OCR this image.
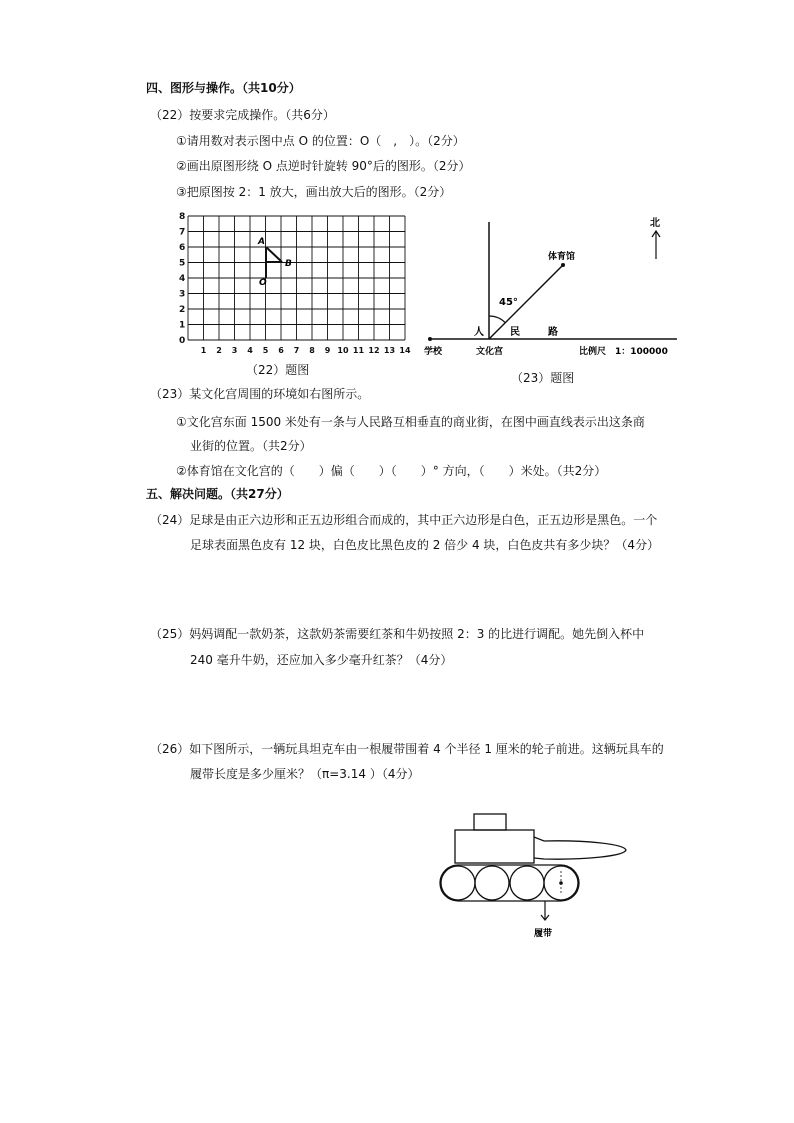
四、图形与操作。（共10分）
（22）按要求完成操作。（共6分）
①请用数对表示图中点 O 的位置：O（　,　）。（2分）
②画出原图形绕 O 点逆时针旋转 90°后的图形。（2分）
③把原图按 2：1 放大，画出放大后的图形。（2分）
8
7
6
5
4
3
2
1
0
1 2 3 4 5 6 7 8 9 10 11 12 13 14
A
B
O
（22）题图
北
体育馆
45°
人	民	路
学校	文化宫	比例尺　1：100000
（23）题图
（23）某文化宫周围的环境如右图所示。
①文化宫东面 1500 米处有一条与人民路互相垂直的商业街，在图中画直线表示出这条商
业街的位置。（共2分）
②体育馆在文化宫的（　　）偏（　　）（　　）° 方向，（　　）米处。（共2分）
五、解决问题。（共27分）
（24）足球是由正六边形和正五边形组合而成的，其中正六边形是白色，正五边形是黑色。一个
足球表面黑色皮有 12 块，白色皮比黑色皮的 2 倍少 4 块，白色皮共有多少块？（4分）
（25）妈妈调配一款奶茶，这款奶茶需要红茶和牛奶按照 2：3 的比进行调配。她先倒入杯中
240 毫升牛奶，还应加入多少毫升红茶？（4分）
（26）如下图所示，一辆玩具坦克车由一根履带围着 4 个半径 1 厘米的轮子前进。这辆玩具车的
履带长度是多少厘米？（π=3.14 ）（4分）
履带
